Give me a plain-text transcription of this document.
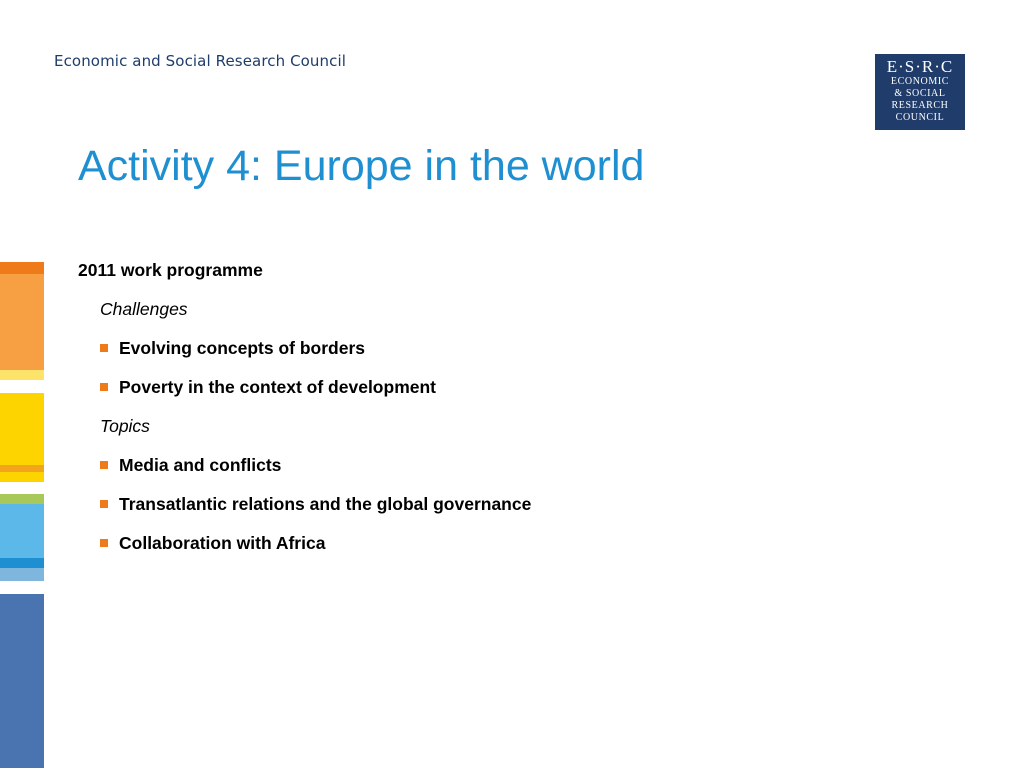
Economic and Social Research Council	E·S·R·C
ECONOMIC
& SOCIAL
RESEARCH
COUNCIL
Activity 4: Europe in the world
2011 work programme
Challenges
Evolving concepts of borders
Poverty in the context of development
Topics
Media and conflicts
Transatlantic relations and the global governance
Collaboration with Africa
